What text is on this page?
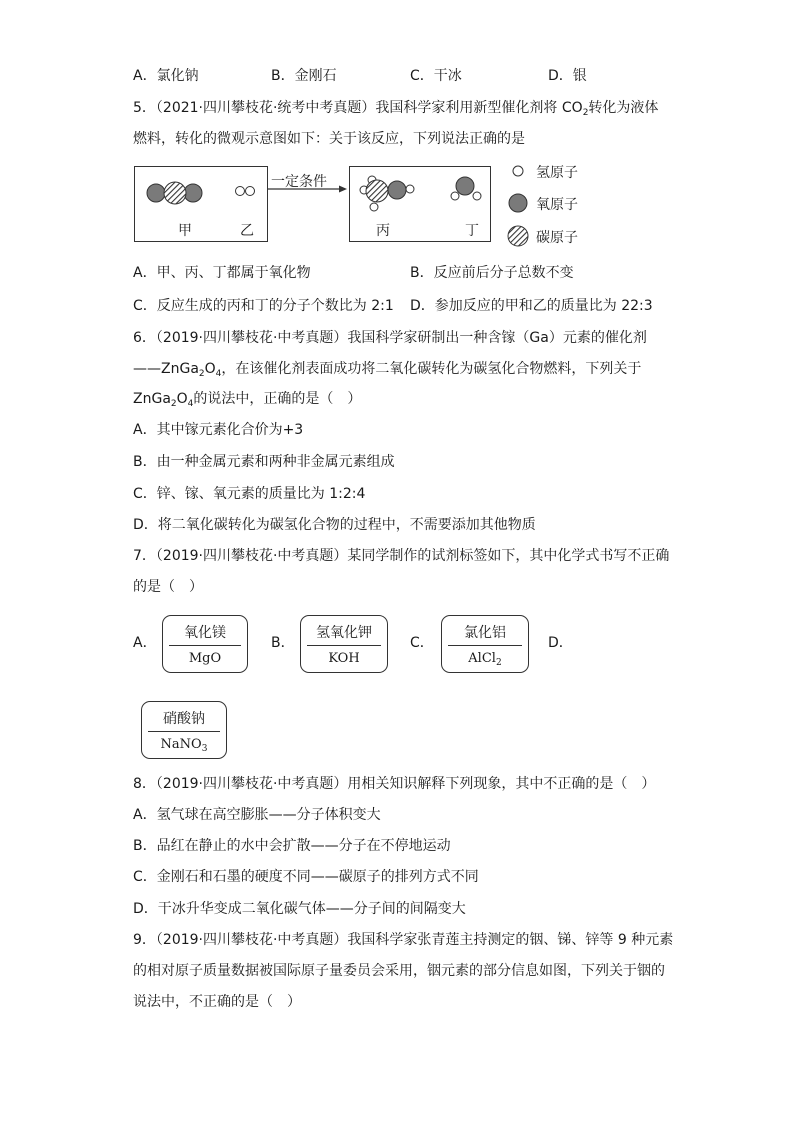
A．氯化钠	B．金刚石	C．干冰	D．银
5．（2021·四川攀枝花·统考中考真题）我国科学家利用新型催化剂将 $CO_2$转化为液体
燃料，转化的微观示意图如下：关于该反应，下列说法正确的是
一定条件
甲	乙	丙	丁
氢原子
氧原子
碳原子
A．甲、丙、丁都属于氧化物	B．反应前后分子总数不变
C．反应生成的丙和丁的分子个数比为 2:1 D．参加反应的甲和乙的质量比为 22:3
6．（2019·四川攀枝花·中考真题）我国科学家研制出一种含镓（Ga）元素的催化剂
$——ZnGa_2O_4$，在该催化剂表面成功将二氧化碳转化为碳氢化合物燃料，下列关于
$ZnGa_2O_4$的说法中，正确的是（　）
A．其中镓元素化合价为+3
B．由一种金属元素和两种非金属元素组成
C．锌、镓、氧元素的质量比为 1:2:4
D．将二氧化碳转化为碳氢化合物的过程中，不需要添加其他物质
7．（2019·四川攀枝花·中考真题）某同学制作的试剂标签如下，其中化学式书写不正确
的是（　）
A．
氧化镁
MgO
B．
氢氧化钾
KOH
C．
氯化铝
AlCl$_2$
D．
硝酸钠
NaNO$_3$
8．（2019·四川攀枝花·中考真题）用相关知识解释下列现象，其中不正确的是（　）
A．氢气球在高空膨胀——分子体积变大
B．品红在静止的水中会扩散——分子在不停地运动
C．金刚石和石墨的硬度不同——碳原子的排列方式不同
D．干冰升华变成二氧化碳气体——分子间的间隔变大
9．（2019·四川攀枝花·中考真题）我国科学家张青莲主持测定的铟、锑、锌等 9 种元素
的相对原子质量数据被国际原子量委员会采用，铟元素的部分信息如图，下列关于铟的
说法中，不正确的是（　）
